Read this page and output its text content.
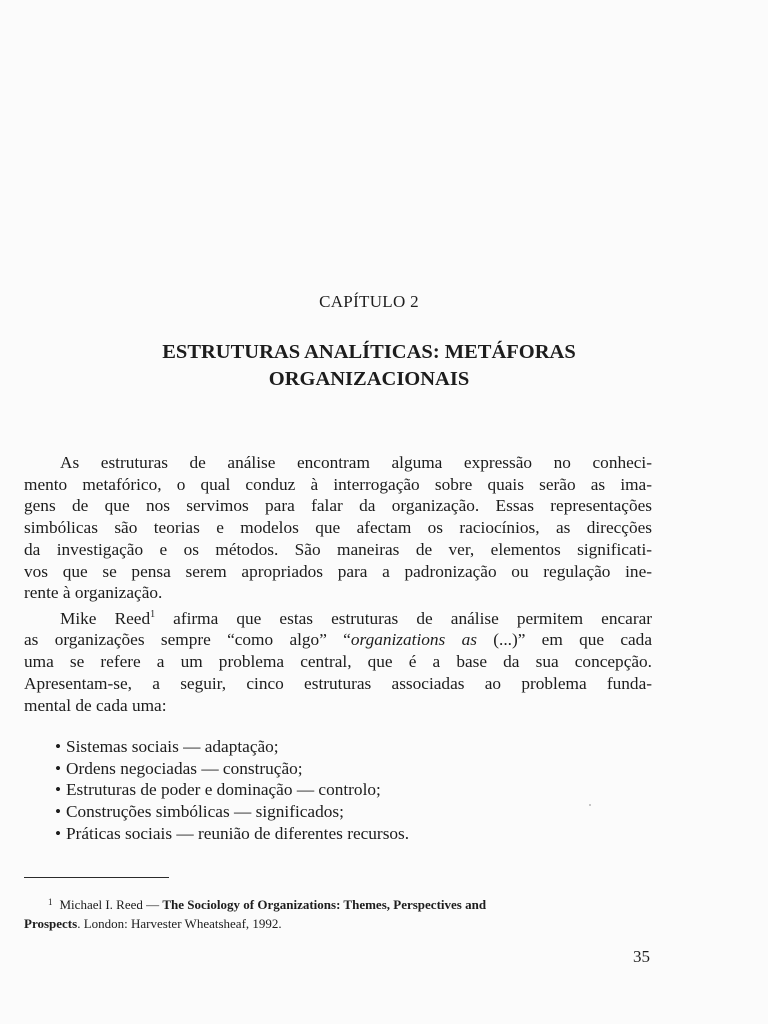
CAPÍTULO 2
ESTRUTURAS ANALÍTICAS: METÁFORAS
ORGANIZACIONAIS
As estruturas de análise encontram alguma expressão no conheci-
mento metafórico, o qual conduz à interrogação sobre quais serão as ima-
gens de que nos servimos para falar da organização. Essas representações
simbólicas são teorias e modelos que afectam os raciocínios, as direcções
da investigação e os métodos. São maneiras de ver, elementos significati-
vos que se pensa serem apropriados para a padronização ou regulação ine-
rente à organização.
Mike Reed$^1$ afirma que estas estruturas de análise permitem encarar
as organizações sempre “como algo” “organizations as (...)” em que cada
uma se refere a um problema central, que é a base da sua concepção.
Apresentam-se, a seguir, cinco estruturas associadas ao problema funda-
mental de cada uma:
• Sistemas sociais — adaptação;
• Ordens negociadas — construção;
• Estruturas de poder e dominação — controlo;
• Construções simbólicas — significados;
• Práticas sociais — reunião de diferentes recursos.
$^1$ Michael I. Reed — The Sociology of Organizations: Themes, Perspectives and
Prospects. London: Harvester Wheatsheaf, 1992.
35
